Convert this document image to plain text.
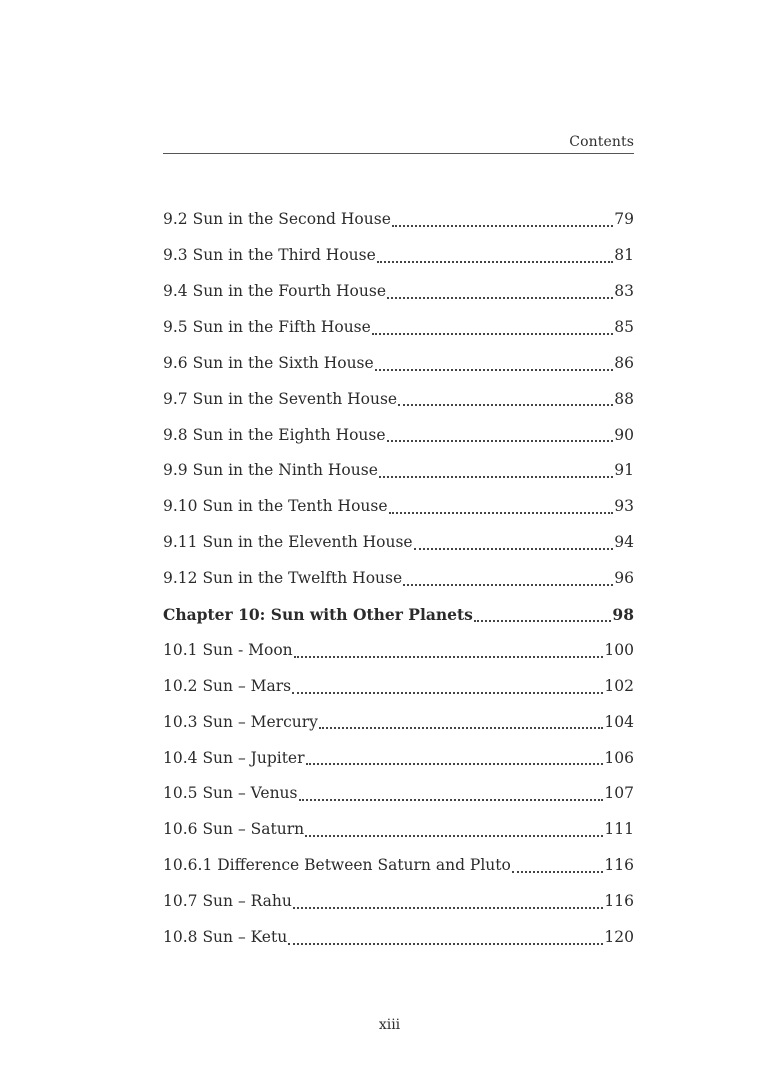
Contents
9.2 Sun in the Second House	79
9.3 Sun in the Third House	81
9.4 Sun in the Fourth House	83
9.5 Sun in the Fifth House	85
9.6 Sun in the Sixth House	86
9.7 Sun in the Seventh House	88
9.8 Sun in the Eighth House	90
9.9 Sun in the Ninth House	91
9.10 Sun in the Tenth House	93
9.11 Sun in the Eleventh House	94
9.12 Sun in the Twelfth House	96
Chapter 10: Sun with Other Planets	98
10.1 Sun - Moon	100
10.2 Sun – Mars	102
10.3 Sun – Mercury	104
10.4 Sun – Jupiter	106
10.5 Sun – Venus	107
10.6 Sun – Saturn	111
10.6.1 Difference Between Saturn and Pluto	116
10.7 Sun – Rahu	116
10.8 Sun – Ketu	120
xiii
